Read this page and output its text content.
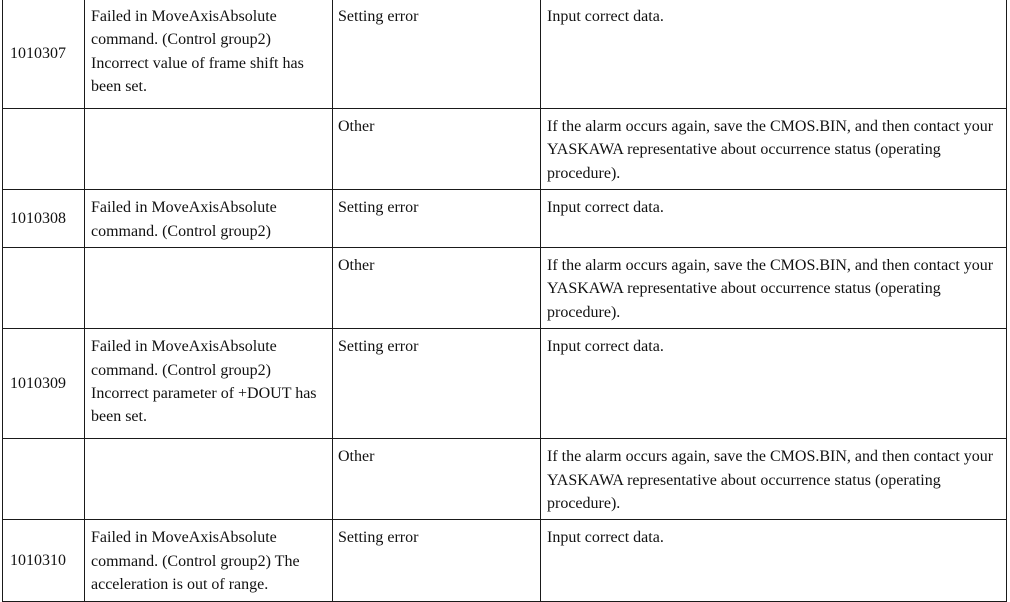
1010307	Failed in MoveAxisAbsolute command. (Control group2) Incorrect value of frame shift has been set.	Setting error	Input correct data.
		Other	If the alarm occurs again, save the CMOS.BIN, and then contact your YASKAWA representative about occurrence status (operating procedure).
1010308	Failed in MoveAxisAbsolute command. (Control group2)	Setting error	Input correct data.
		Other	If the alarm occurs again, save the CMOS.BIN, and then contact your YASKAWA representative about occurrence status (operating procedure).
1010309	Failed in MoveAxisAbsolute command. (Control group2) Incorrect parameter of +DOUT has been set.	Setting error	Input correct data.
		Other	If the alarm occurs again, save the CMOS.BIN, and then contact your YASKAWA representative about occurrence status (operating procedure).
1010310	Failed in MoveAxisAbsolute command. (Control group2) The acceleration is out of range.	Setting error	Input correct data.
